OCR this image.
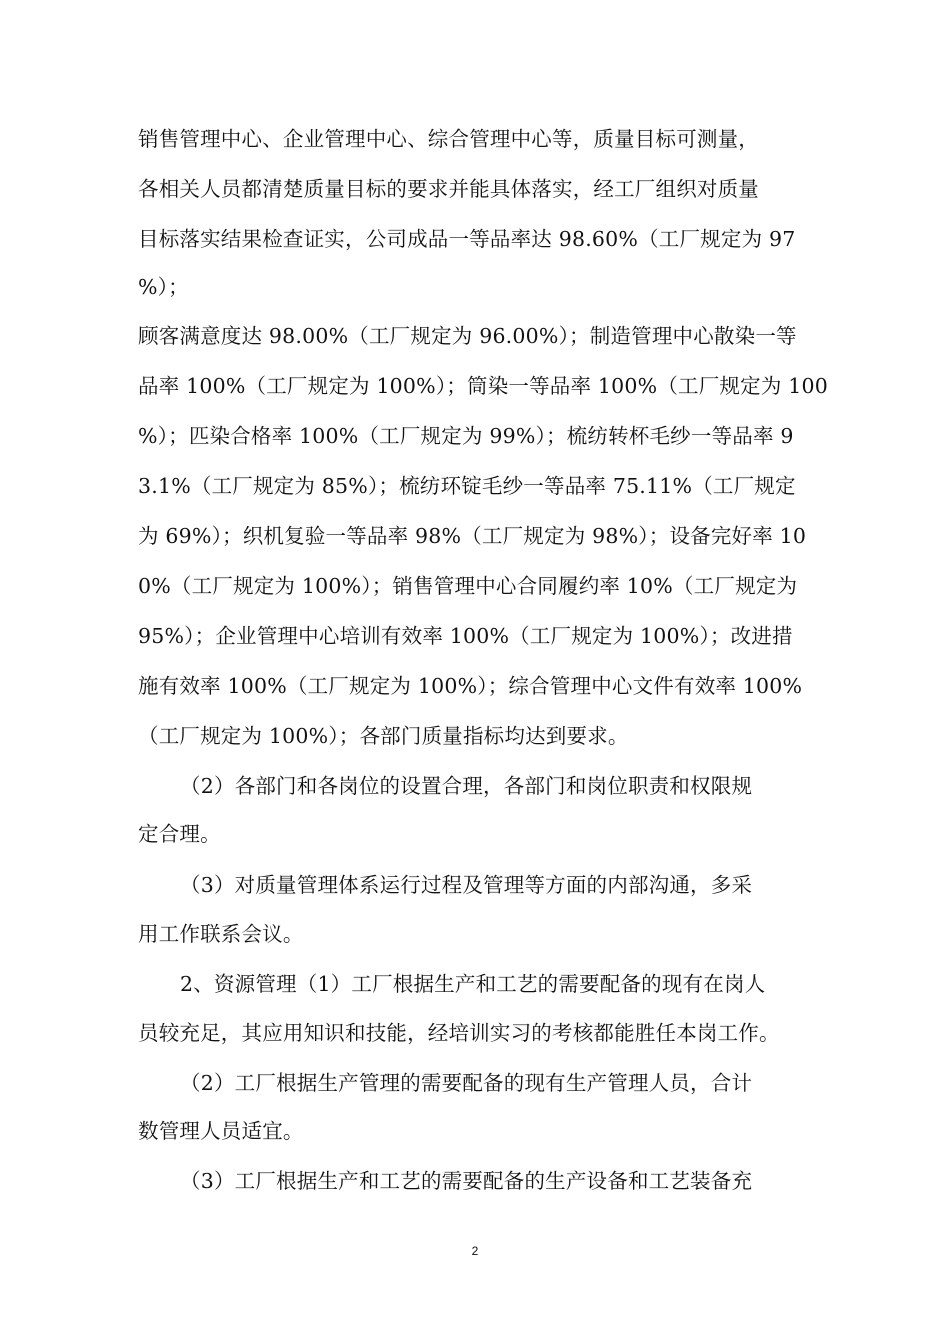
销售管理中心、企业管理中心、综合管理中心等，质量目标可测量，
各相关人员都清楚质量目标的要求并能具体落实，经工厂组织对质量
目标落实结果检查证实，公司成品一等品率达 98.60%（工厂规定为 97
%）；
顾客满意度达 98.00%（工厂规定为 96.00%）；制造管理中心散染一等
品率 100%（工厂规定为 100%）；筒染一等品率 100%（工厂规定为 100
%）；匹染合格率 100%（工厂规定为 99%）；梳纺转杯毛纱一等品率 9
3.1%（工厂规定为 85%）；梳纺环锭毛纱一等品率 75.11%（工厂规定
为 69%）；织机复验一等品率 98%（工厂规定为 98%）；设备完好率 10
0%（工厂规定为 100%）；销售管理中心合同履约率 10%（工厂规定为
95%）；企业管理中心培训有效率 100%（工厂规定为 100%）；改进措
施有效率 100%（工厂规定为 100%）；综合管理中心文件有效率 100%
（工厂规定为 100%）；各部门质量指标均达到要求。
（2）各部门和各岗位的设置合理，各部门和岗位职责和权限规
定合理。
（3）对质量管理体系运行过程及管理等方面的内部沟通，多采
用工作联系会议。
2、资源管理（1）工厂根据生产和工艺的需要配备的现有在岗人
员较充足，其应用知识和技能，经培训实习的考核都能胜任本岗工作。
（2）工厂根据生产管理的需要配备的现有生产管理人员，合计
数管理人员适宜。
（3）工厂根据生产和工艺的需要配备的生产设备和工艺装备充
2
